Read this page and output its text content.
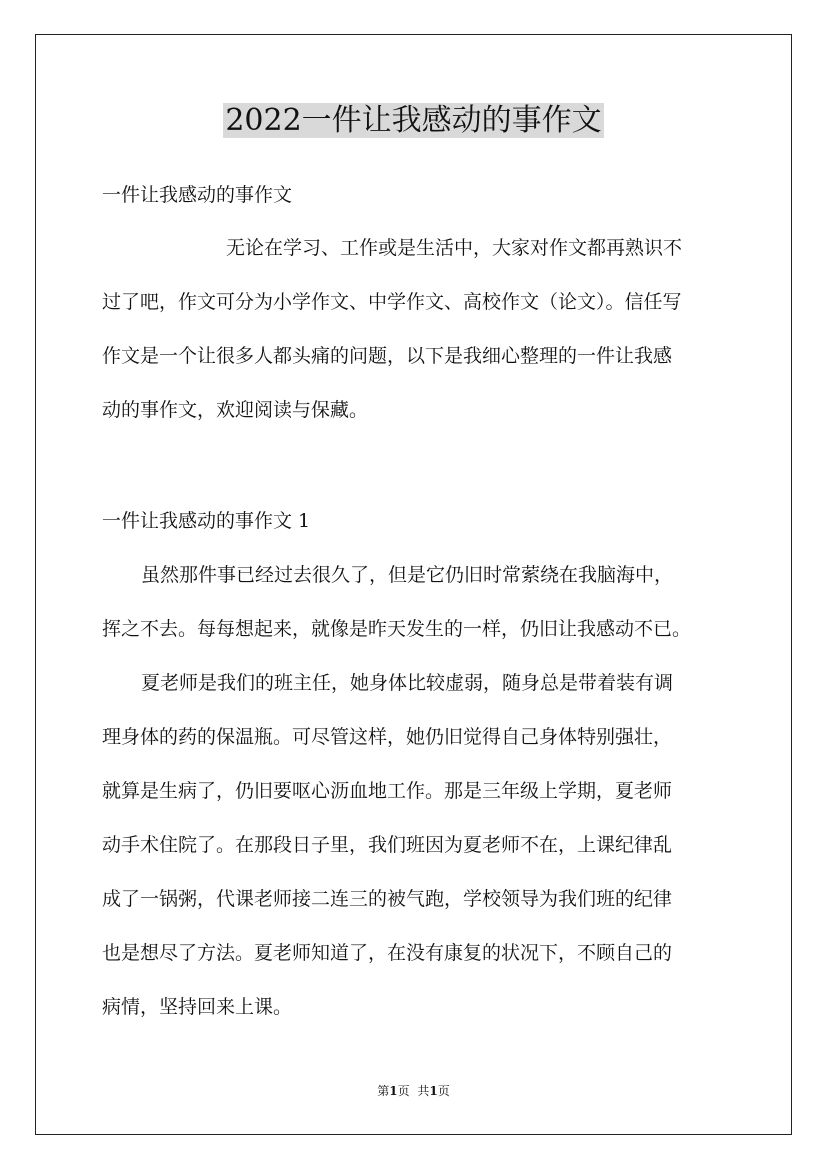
2022一件让我感动的事作文
一件让我感动的事作文
无论在学习、工作或是生活中，大家对作文都再熟识不
过了吧，作文可分为小学作文、中学作文、高校作文（论文）。信任写
作文是一个让很多人都头痛的问题，以下是我细心整理的一件让我感
动的事作文，欢迎阅读与保藏。
一件让我感动的事作文 1
虽然那件事已经过去很久了，但是它仍旧时常萦绕在我脑海中，
挥之不去。每每想起来，就像是昨天发生的一样，仍旧让我感动不已。
夏老师是我们的班主任，她身体比较虚弱，随身总是带着装有调
理身体的药的保温瓶。可尽管这样，她仍旧觉得自己身体特别强壮，
就算是生病了，仍旧要呕心沥血地工作。那是三年级上学期，夏老师
动手术住院了。在那段日子里，我们班因为夏老师不在，上课纪律乱
成了一锅粥，代课老师接二连三的被气跑，学校领导为我们班的纪律
也是想尽了方法。夏老师知道了，在没有康复的状况下，不顾自己的
病情，坚持回来上课。
第1页 共1页
